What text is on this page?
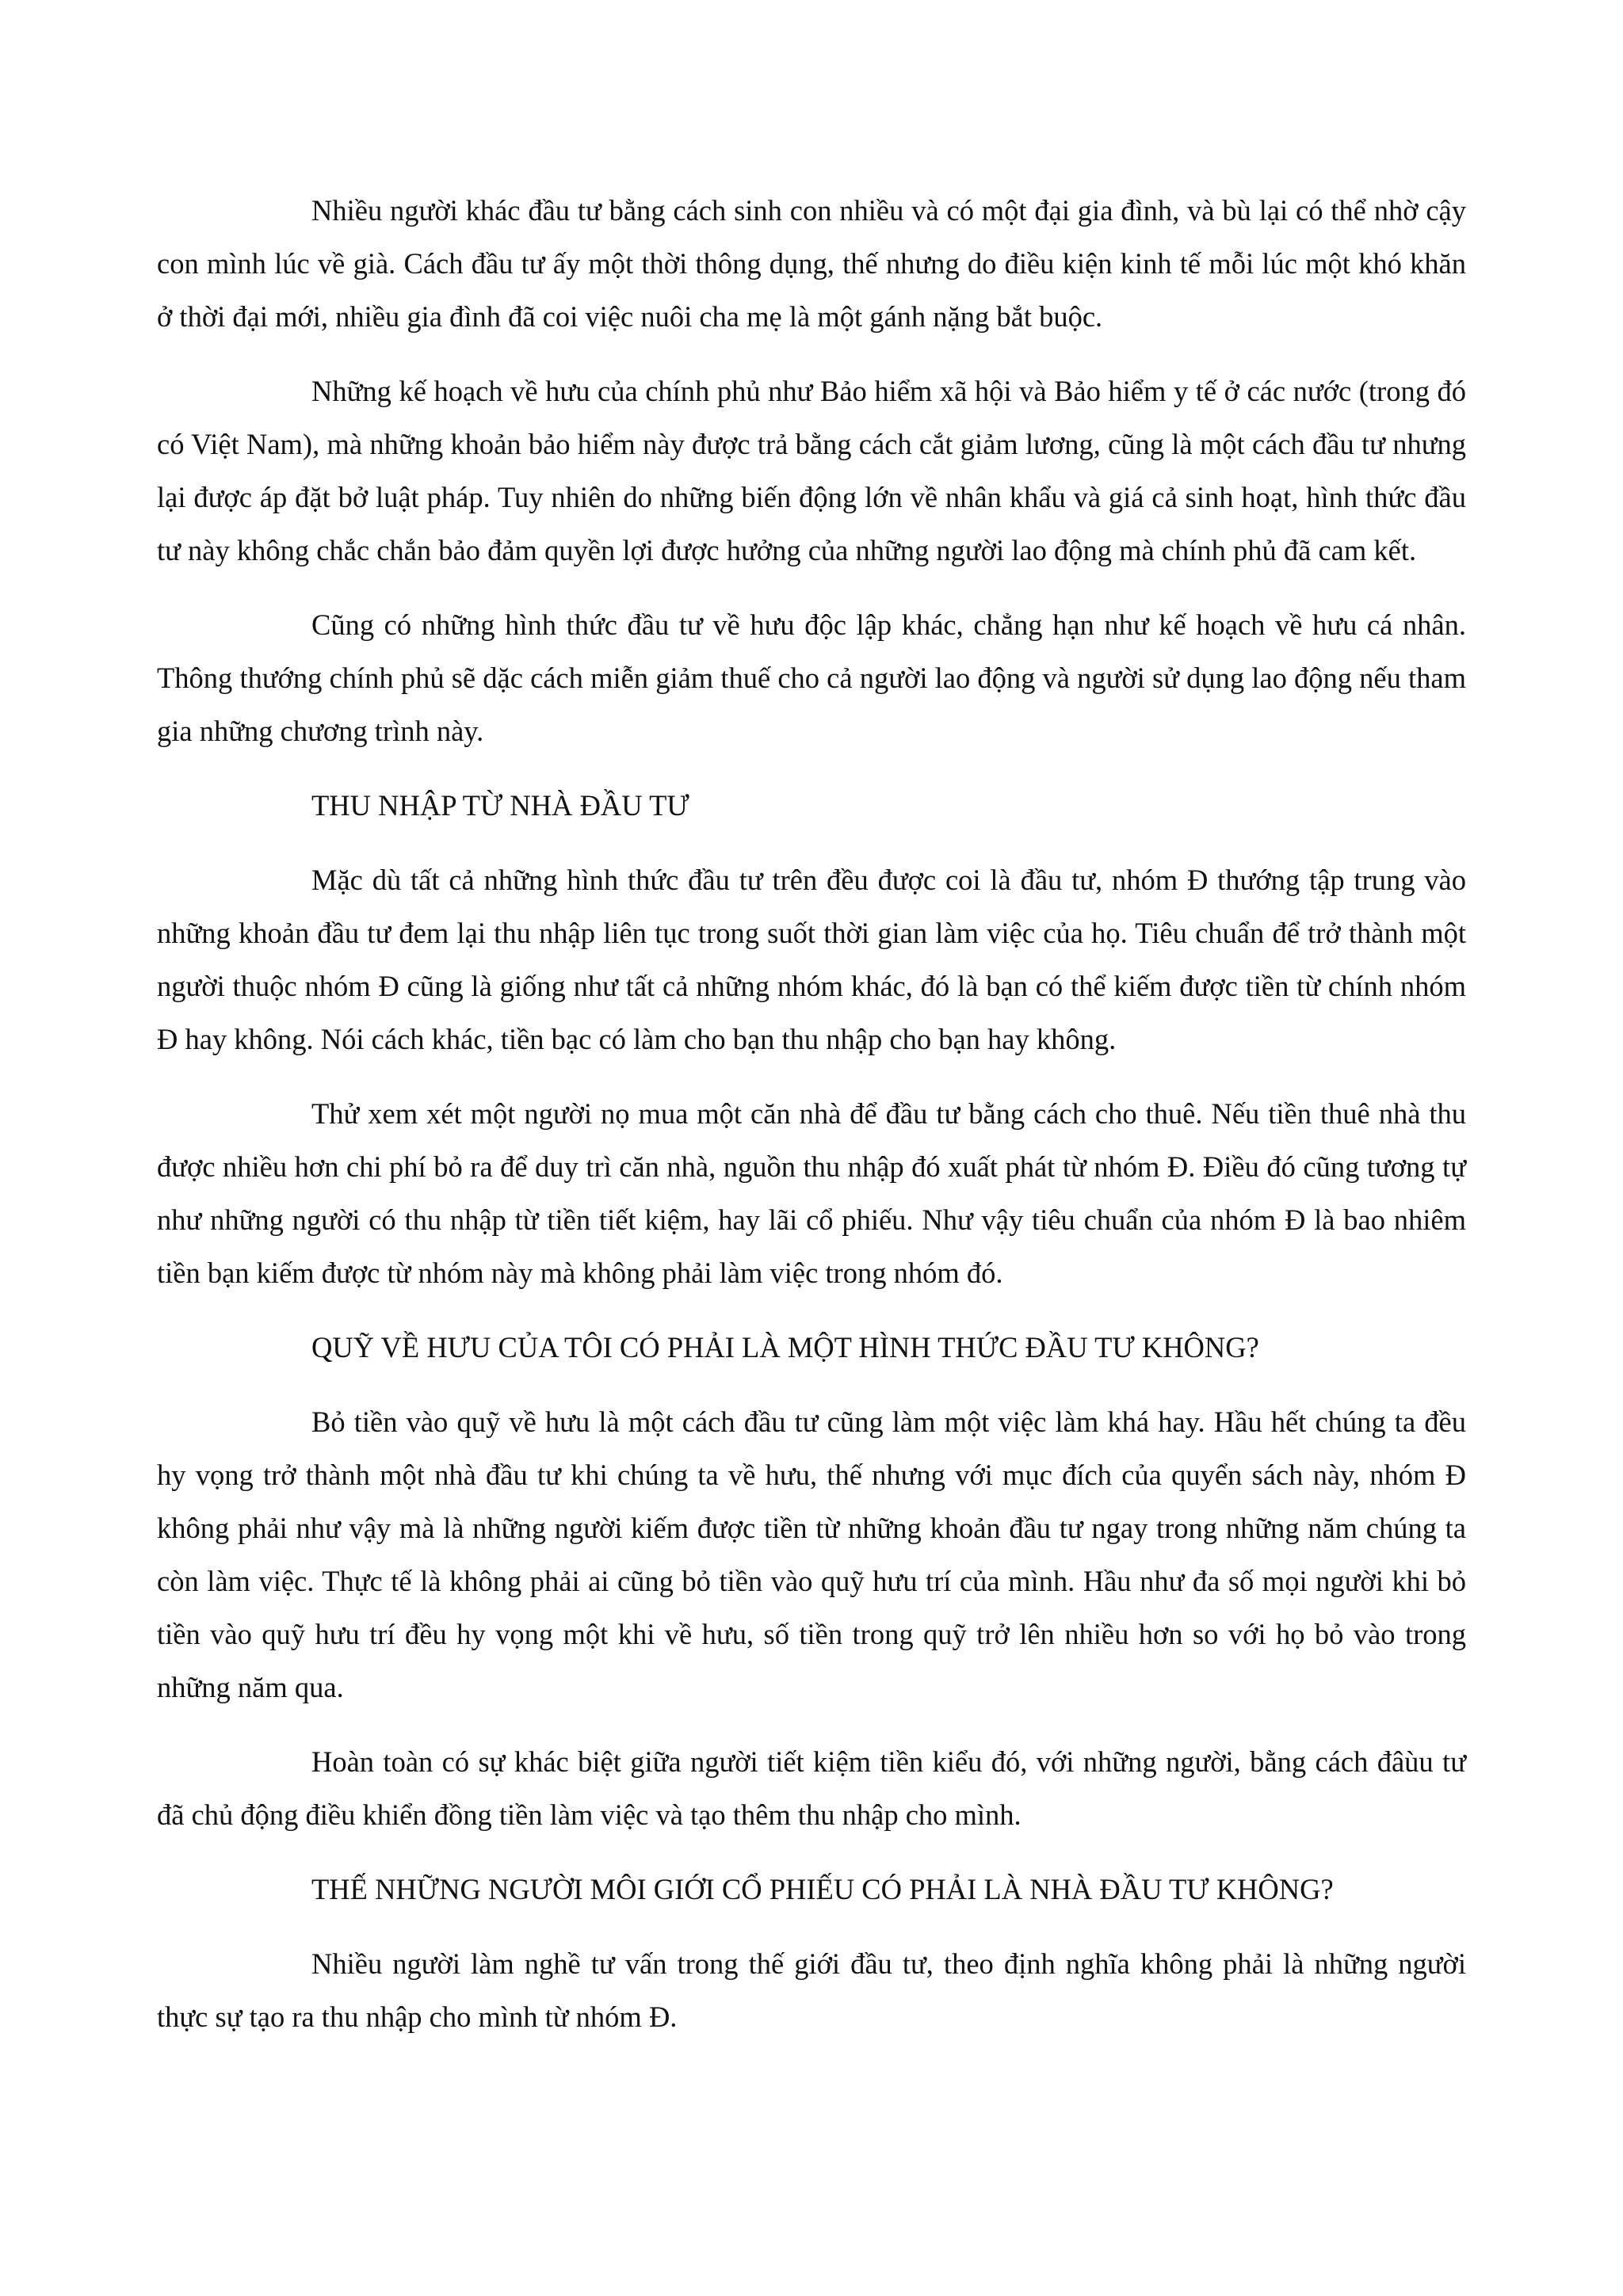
Nhiều người khác đầu tư bằng cách sinh con nhiều và có một đại gia đình, và bù lại có thể nhờ cậy con mình lúc về già. Cách đầu tư ấy một thời thông dụng, thế nhưng do điều kiện kinh tế mỗi lúc một khó khăn ở thời đại mới, nhiều gia đình đã coi việc nuôi cha mẹ là một gánh nặng bắt buộc.

Những kế hoạch về hưu của chính phủ như Bảo hiểm xã hội và Bảo hiểm y tế ở các nước (trong đó có Việt Nam), mà những khoản bảo hiểm này được trả bằng cách cắt giảm lương, cũng là một cách đầu tư nhưng lại được áp đặt bở luật pháp. Tuy nhiên do những biến động lớn về nhân khẩu và giá cả sinh hoạt, hình thức đầu tư này không chắc chắn bảo đảm quyền lợi được hưởng của những người lao động mà chính phủ đã cam kết.

Cũng có những hình thức đầu tư về hưu độc lập khác, chẳng hạn như kế hoạch về hưu cá nhân. Thông thướng chính phủ sẽ dặc cách miễn giảm thuế cho cả người lao động và người sử dụng lao động nếu tham gia những chương trình này.

THU NHẬP TỪ NHÀ ĐẦU TƯ

Mặc dù tất cả những hình thức đầu tư trên đều được coi là đầu tư, nhóm Đ thướng tập trung vào những khoản đầu tư đem lại thu nhập liên tục trong suốt thời gian làm việc của họ. Tiêu chuẩn để trở thành một người thuộc nhóm Đ cũng là giống như tất cả những nhóm khác, đó là bạn có thể kiếm được tiền từ chính nhóm Đ hay không. Nói cách khác, tiền bạc có làm cho bạn thu nhập cho bạn hay không.

Thử xem xét một người nọ mua một căn nhà để đầu tư bằng cách cho thuê. Nếu tiền thuê nhà thu được nhiều hơn chi phí bỏ ra để duy trì căn nhà, nguồn thu nhập đó xuất phát từ nhóm Đ. Điều đó cũng tương tự như những người có thu nhập từ tiền tiết kiệm, hay lãi cổ phiếu. Như vậy tiêu chuẩn của nhóm Đ là bao nhiêm tiền bạn kiếm được từ nhóm này mà không phải làm việc trong nhóm đó.

QUỸ VỀ HƯU CỦA TÔI CÓ PHẢI LÀ MỘT HÌNH THỨC ĐẦU TƯ KHÔNG?

Bỏ tiền vào quỹ về hưu là một cách đầu tư cũng làm một việc làm khá hay. Hầu hết chúng ta đều hy vọng trở thành một nhà đầu tư khi chúng ta về hưu, thế nhưng với mục đích của quyển sách này, nhóm Đ không phải như vậy mà là những người kiếm được tiền từ những khoản đầu tư ngay trong những năm chúng ta còn làm việc. Thực tế là không phải ai cũng bỏ tiền vào quỹ hưu trí của mình. Hầu như đa số mọi người khi bỏ tiền vào quỹ hưu trí đều hy vọng một khi về hưu, số tiền trong quỹ trở lên nhiều hơn so với họ bỏ vào trong những năm qua.

Hoàn toàn có sự khác biệt giữa người tiết kiệm tiền kiểu đó, với những người, bằng cách đâùu tư đã chủ động điều khiển đồng tiền làm việc và tạo thêm thu nhập cho mình.

THẾ NHỮNG NGƯỜI MÔI GIỚI CỔ PHIẾU CÓ PHẢI LÀ NHÀ ĐẦU TƯ KHÔNG?

Nhiều người làm nghề tư vấn trong thế giới đầu tư, theo định nghĩa không phải là những người thực sự tạo ra thu nhập cho mình từ nhóm Đ.
